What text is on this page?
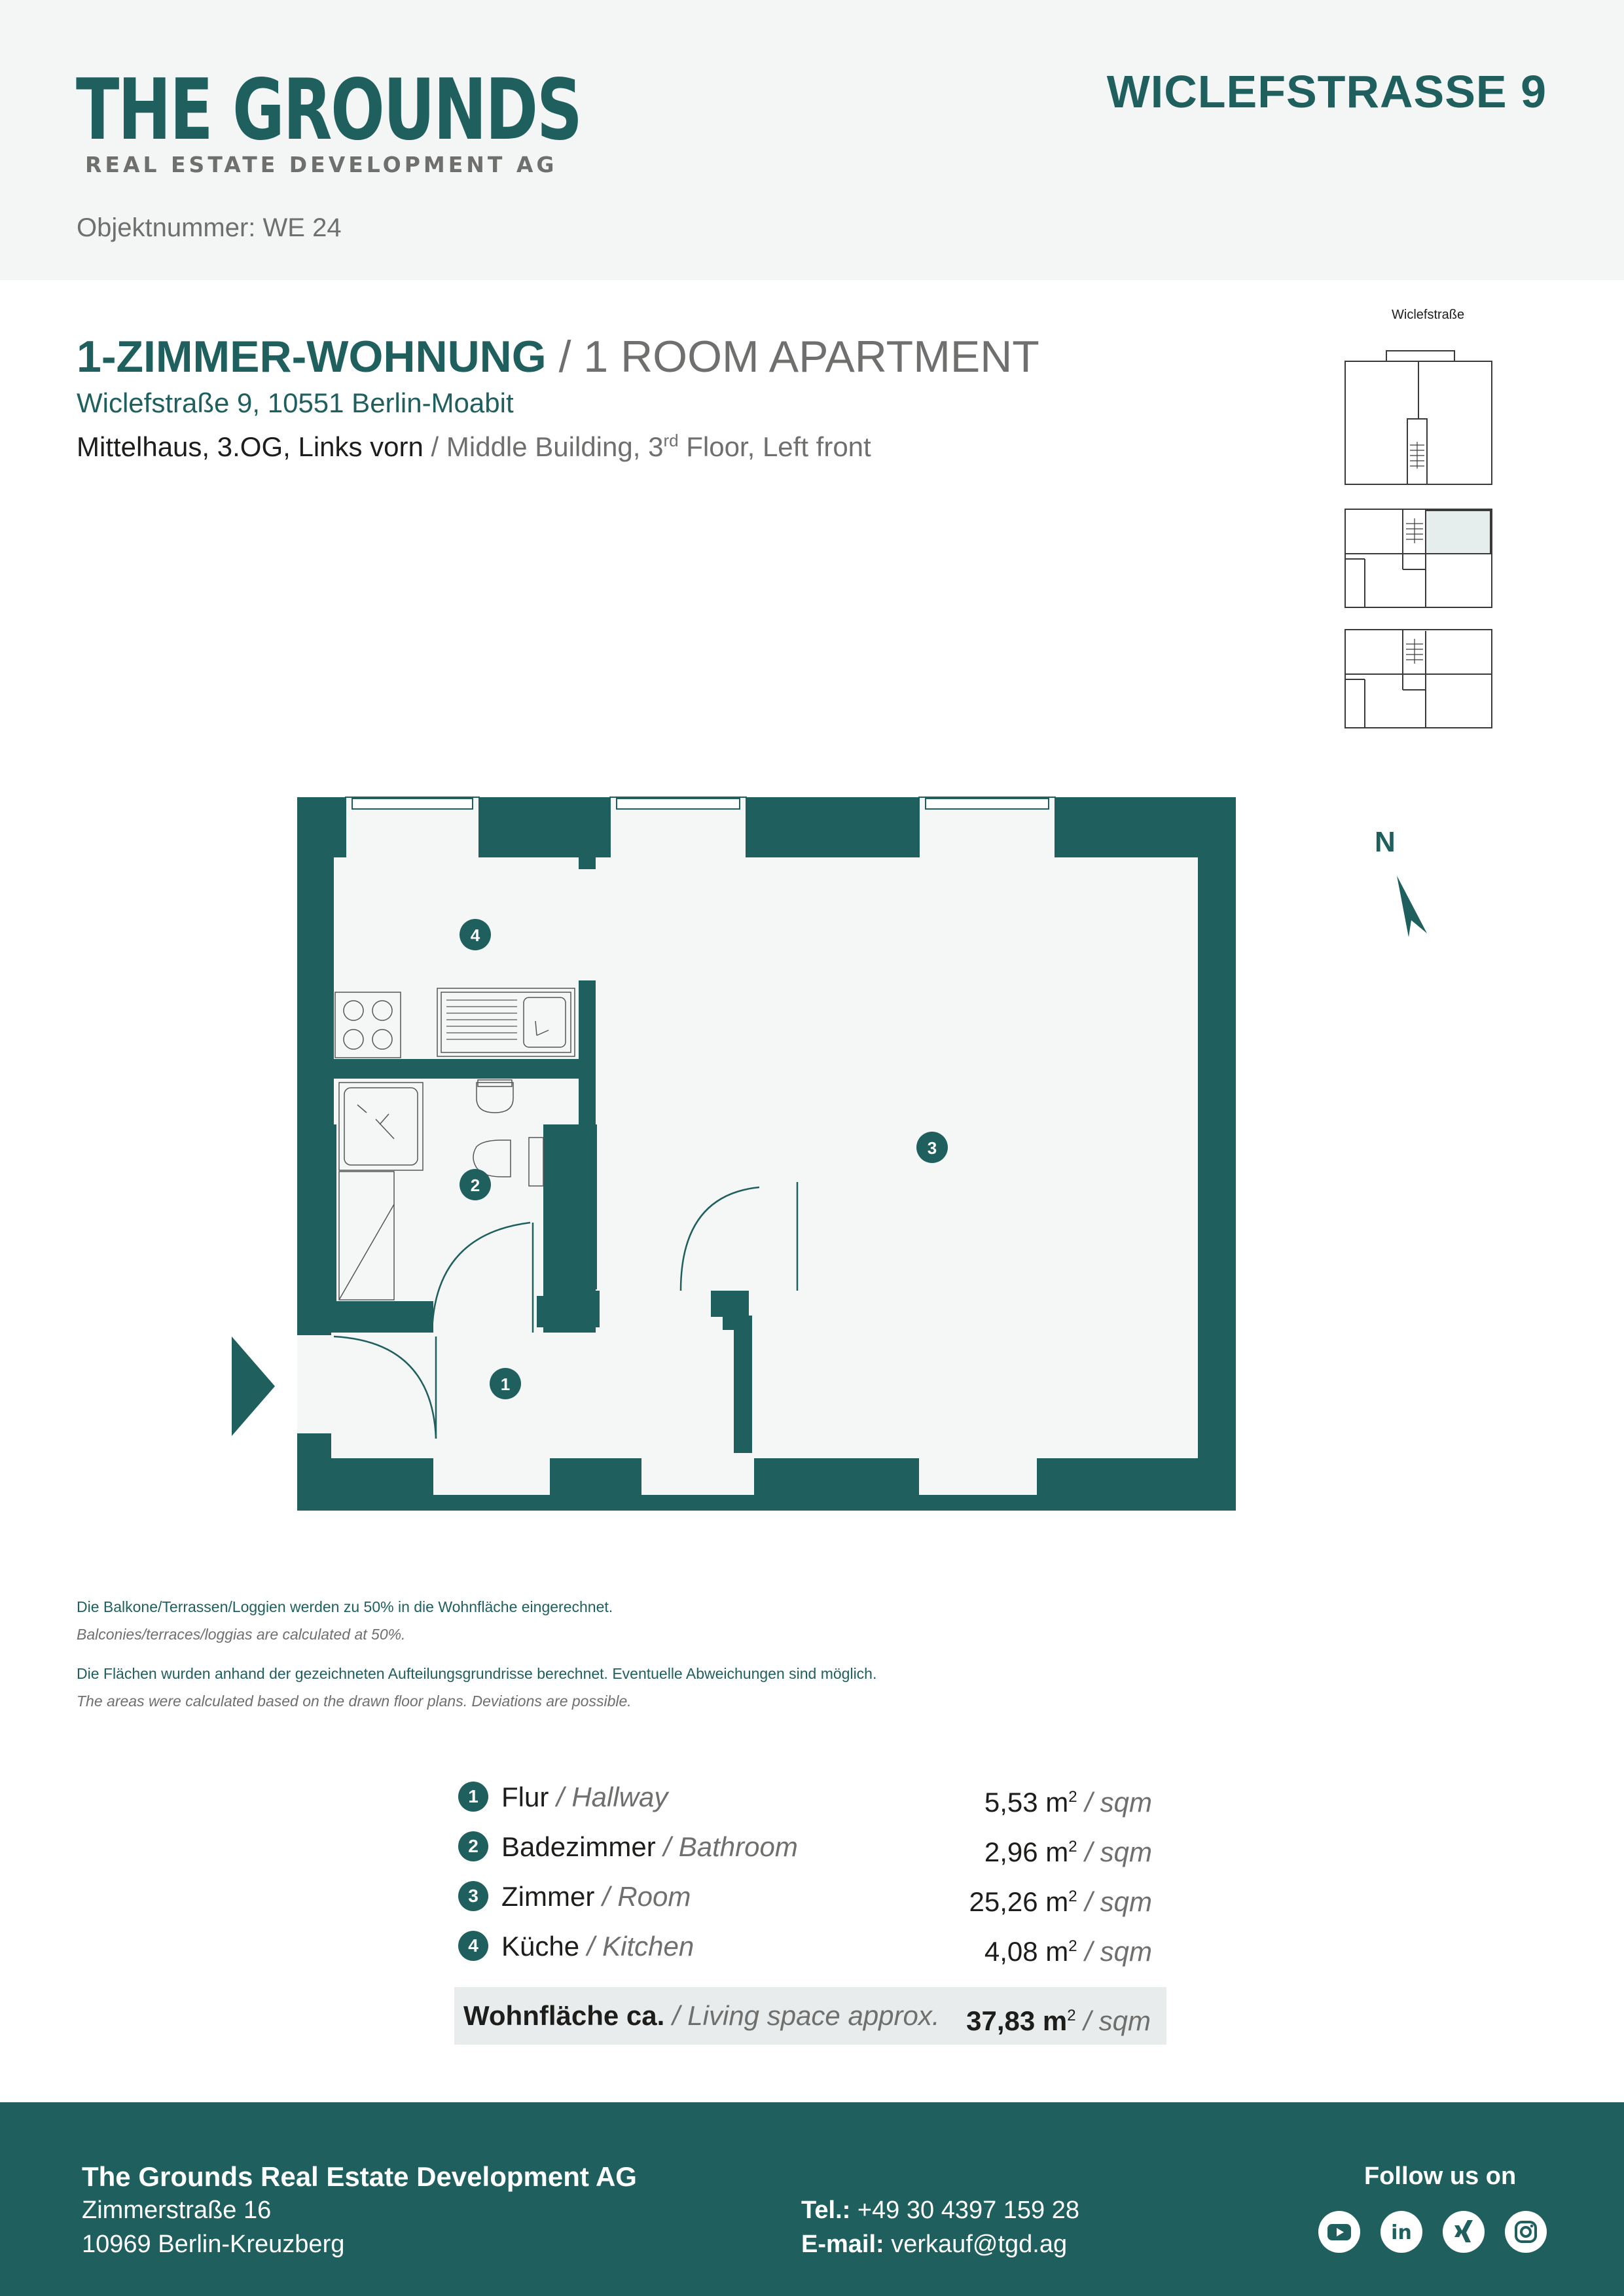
THE GROUNDS
REAL ESTATE DEVELOPMENT AG
WICLEFSTRASSE 9
Objektnummer: WE 24
1-ZIMMER-WOHNUNG / 1 ROOM APARTMENT
Wiclefstraße 9, 10551 Berlin-Moabit
Mittelhaus, 3.OG, Links vorn / Middle Building, 3rd Floor, Left front
Wiclefstraße
N
4
2
3
1
Die Balkone/Terrassen/Loggien werden zu 50% in die Wohnfläche eingerechnet.
Balconies/terraces/loggias are calculated at 50%.
Die Flächen wurden anhand der gezeichneten Aufteilungsgrundrisse berechnet. Eventuelle Abweichungen sind möglich.
The areas were calculated based on the drawn floor plans. Deviations are possible.
1 Flur / Hallway	5,53 $m^2$ / sqm
2 Badezimmer / Bathroom	2,96 $m^2$ / sqm
3 Zimmer / Room	25,26 $m^2$ / sqm
4 Küche / Kitchen	4,08 $m^2$ / sqm
Wohnfläche ca. / Living space approx. 37,83 $m^2$ / sqm
The Grounds Real Estate Development AG
Zimmerstraße 16
10969 Berlin-Kreuzberg
Tel.: +49 30 4397 159 28
E-mail: verkauf@tgd.ag
Follow us on
in
